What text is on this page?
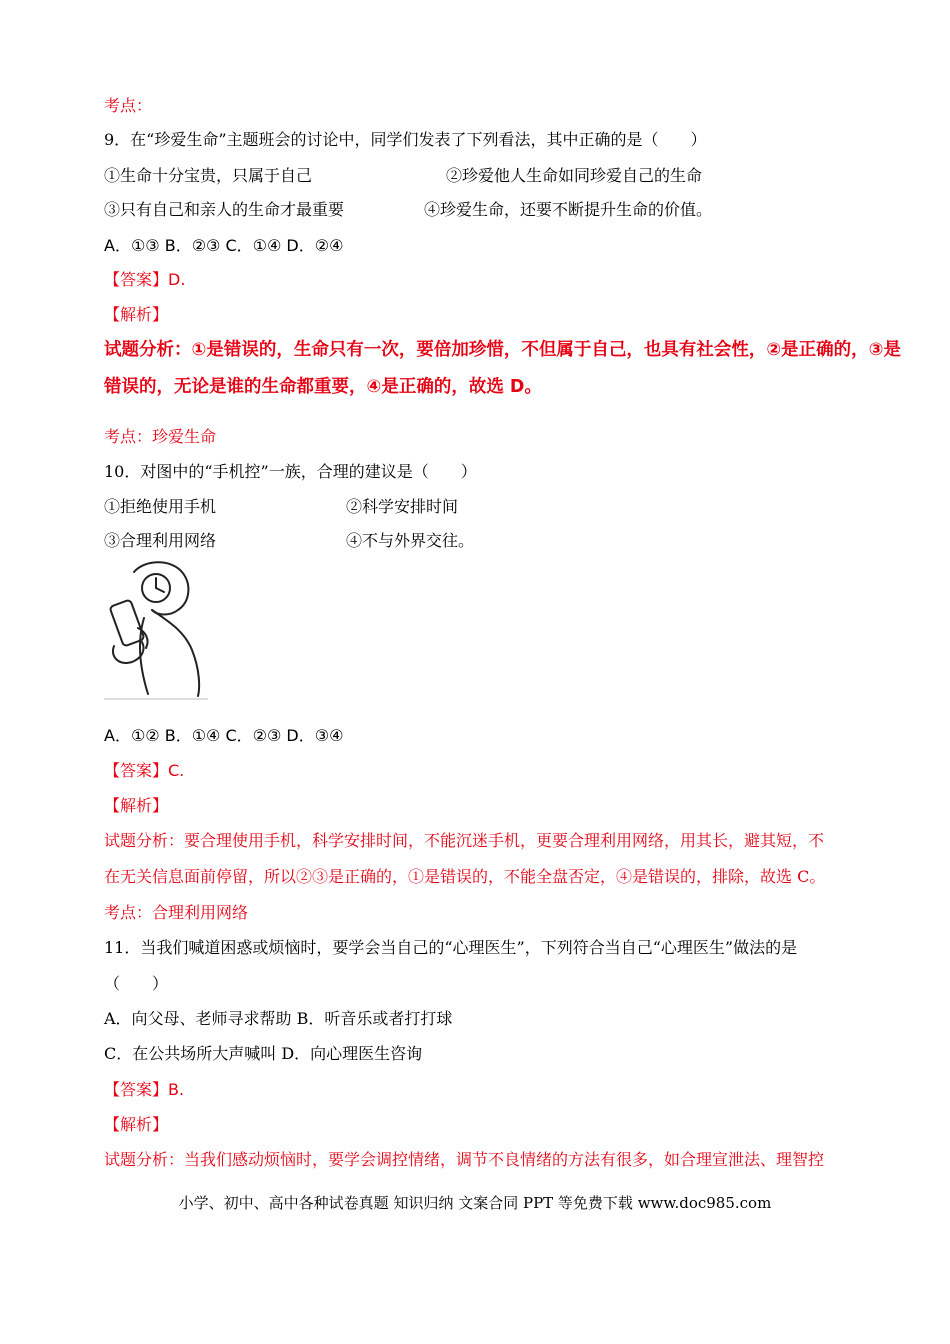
考点：
9．在“珍爱生命”主题班会的讨论中，同学们发表了下列看法，其中正确的是（　　）
①生命十分宝贵，只属于自己	②珍爱他人生命如同珍爱自己的生命
③只有自己和亲人的生命才最重要	④珍爱生命，还要不断提升生命的价值。
A．①③ B．②③ C．①④ D．②④
【答案】D.
【解析】
试题分析：①是错误的，生命只有一次，要倍加珍惜，不但属于自己，也具有社会性，②是正确的，③是
错误的，无论是谁的生命都重要，④是正确的，故选 D。
考点：珍爱生命
10．对图中的“手机控”一族，合理的建议是（　　）
①拒绝使用手机	②科学安排时间
③合理利用网络	④不与外界交往。
A．①② B．①④ C．②③ D．③④
【答案】C.
【解析】
试题分析：要合理使用手机，科学安排时间，不能沉迷手机，更要合理利用网络，用其长，避其短，不
在无关信息面前停留，所以②③是正确的，①是错误的，不能全盘否定，④是错误的，排除，故选 C。
考点：合理利用网络
11．当我们喊道困惑或烦恼时，要学会当自己的“心理医生”，下列符合当自己“心理医生”做法的是
（　　）
A．向父母、老师寻求帮助 B．听音乐或者打打球
C．在公共场所大声喊叫 D．向心理医生咨询
【答案】B.
【解析】
试题分析：当我们感动烦恼时，要学会调控情绪，调节不良情绪的方法有很多，如合理宣泄法、理智控
小学、初中、高中各种试卷真题 知识归纳 文案合同 PPT 等免费下载 www.doc985.com
